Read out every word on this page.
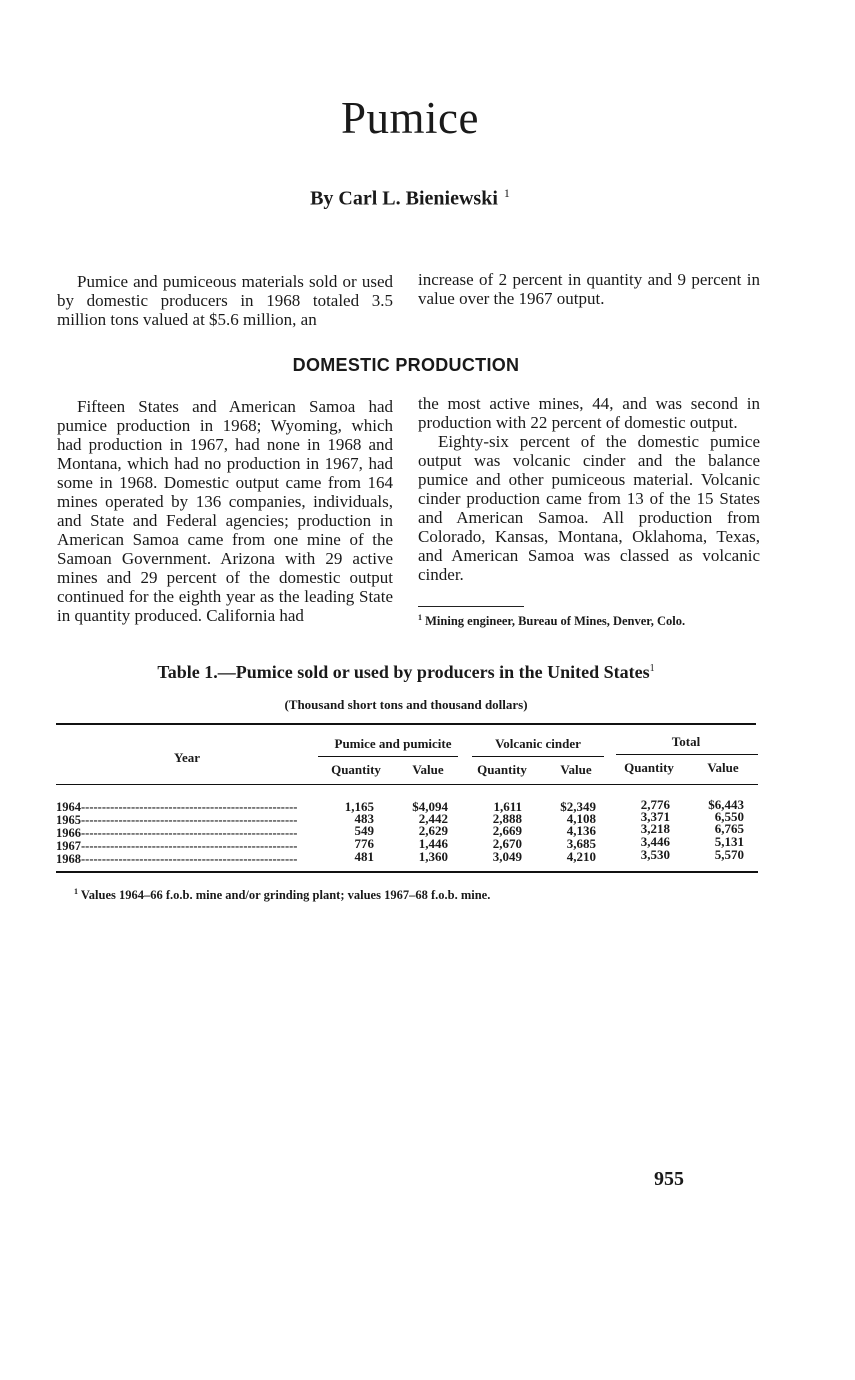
Pumice
By Carl L. Bieniewski $^1$

Pumice and pumiceous materials sold or used by domestic producers in 1968 totaled 3.5 million tons valued at $5.6 million, an

increase of 2 percent in quantity and 9 percent in value over the 1967 output.

DOMESTIC PRODUCTION

Fifteen States and American Samoa had pumice production in 1968; Wyoming, which had production in 1967, had none in 1968 and Montana, which had no production in 1967, had some in 1968. Domestic output came from 164 mines operated by 136 companies, individuals, and State and Federal agencies; production in American Samoa came from one mine of the Samoan Government. Arizona with 29 active mines and 29 percent of the domestic output continued for the eighth year as the leading State in quantity produced. California had

the most active mines, 44, and was second in production with 22 percent of domestic output.

Eighty-six percent of the domestic pumice output was volcanic cinder and the balance pumice and other pumiceous material. Volcanic cinder production came from 13 of the 15 States and American Samoa. All production from Colorado, Kansas, Montana, Oklahoma, Texas, and American Samoa was classed as volcanic cinder.

$^1$ Mining engineer, Bureau of Mines, Denver, Colo.
Table 1.—Pumice sold or used by producers in the United States$^1$
(Thousand short tons and thousand dollars)
Year
Pumice and pumicite	Volcanic cinder	Total
Quantity	Value	Quantity	Value	Quantity	Value
1964----------------------------------------------------	1,165	$4,094	1,611	$2,349	2,776	$6,443
1965----------------------------------------------------	483	2,442	2,888	4,108	3,371	6,550
1966----------------------------------------------------	549	2,629	2,669	4,136	3,218	6,765
1967----------------------------------------------------	776	1,446	2,670	3,685	3,446	5,131
1968----------------------------------------------------	481	1,360	3,049	4,210	3,530	5,570
$^1$ Values 1964–66 f.o.b. mine and/or grinding plant; values 1967–68 f.o.b. mine.
955
